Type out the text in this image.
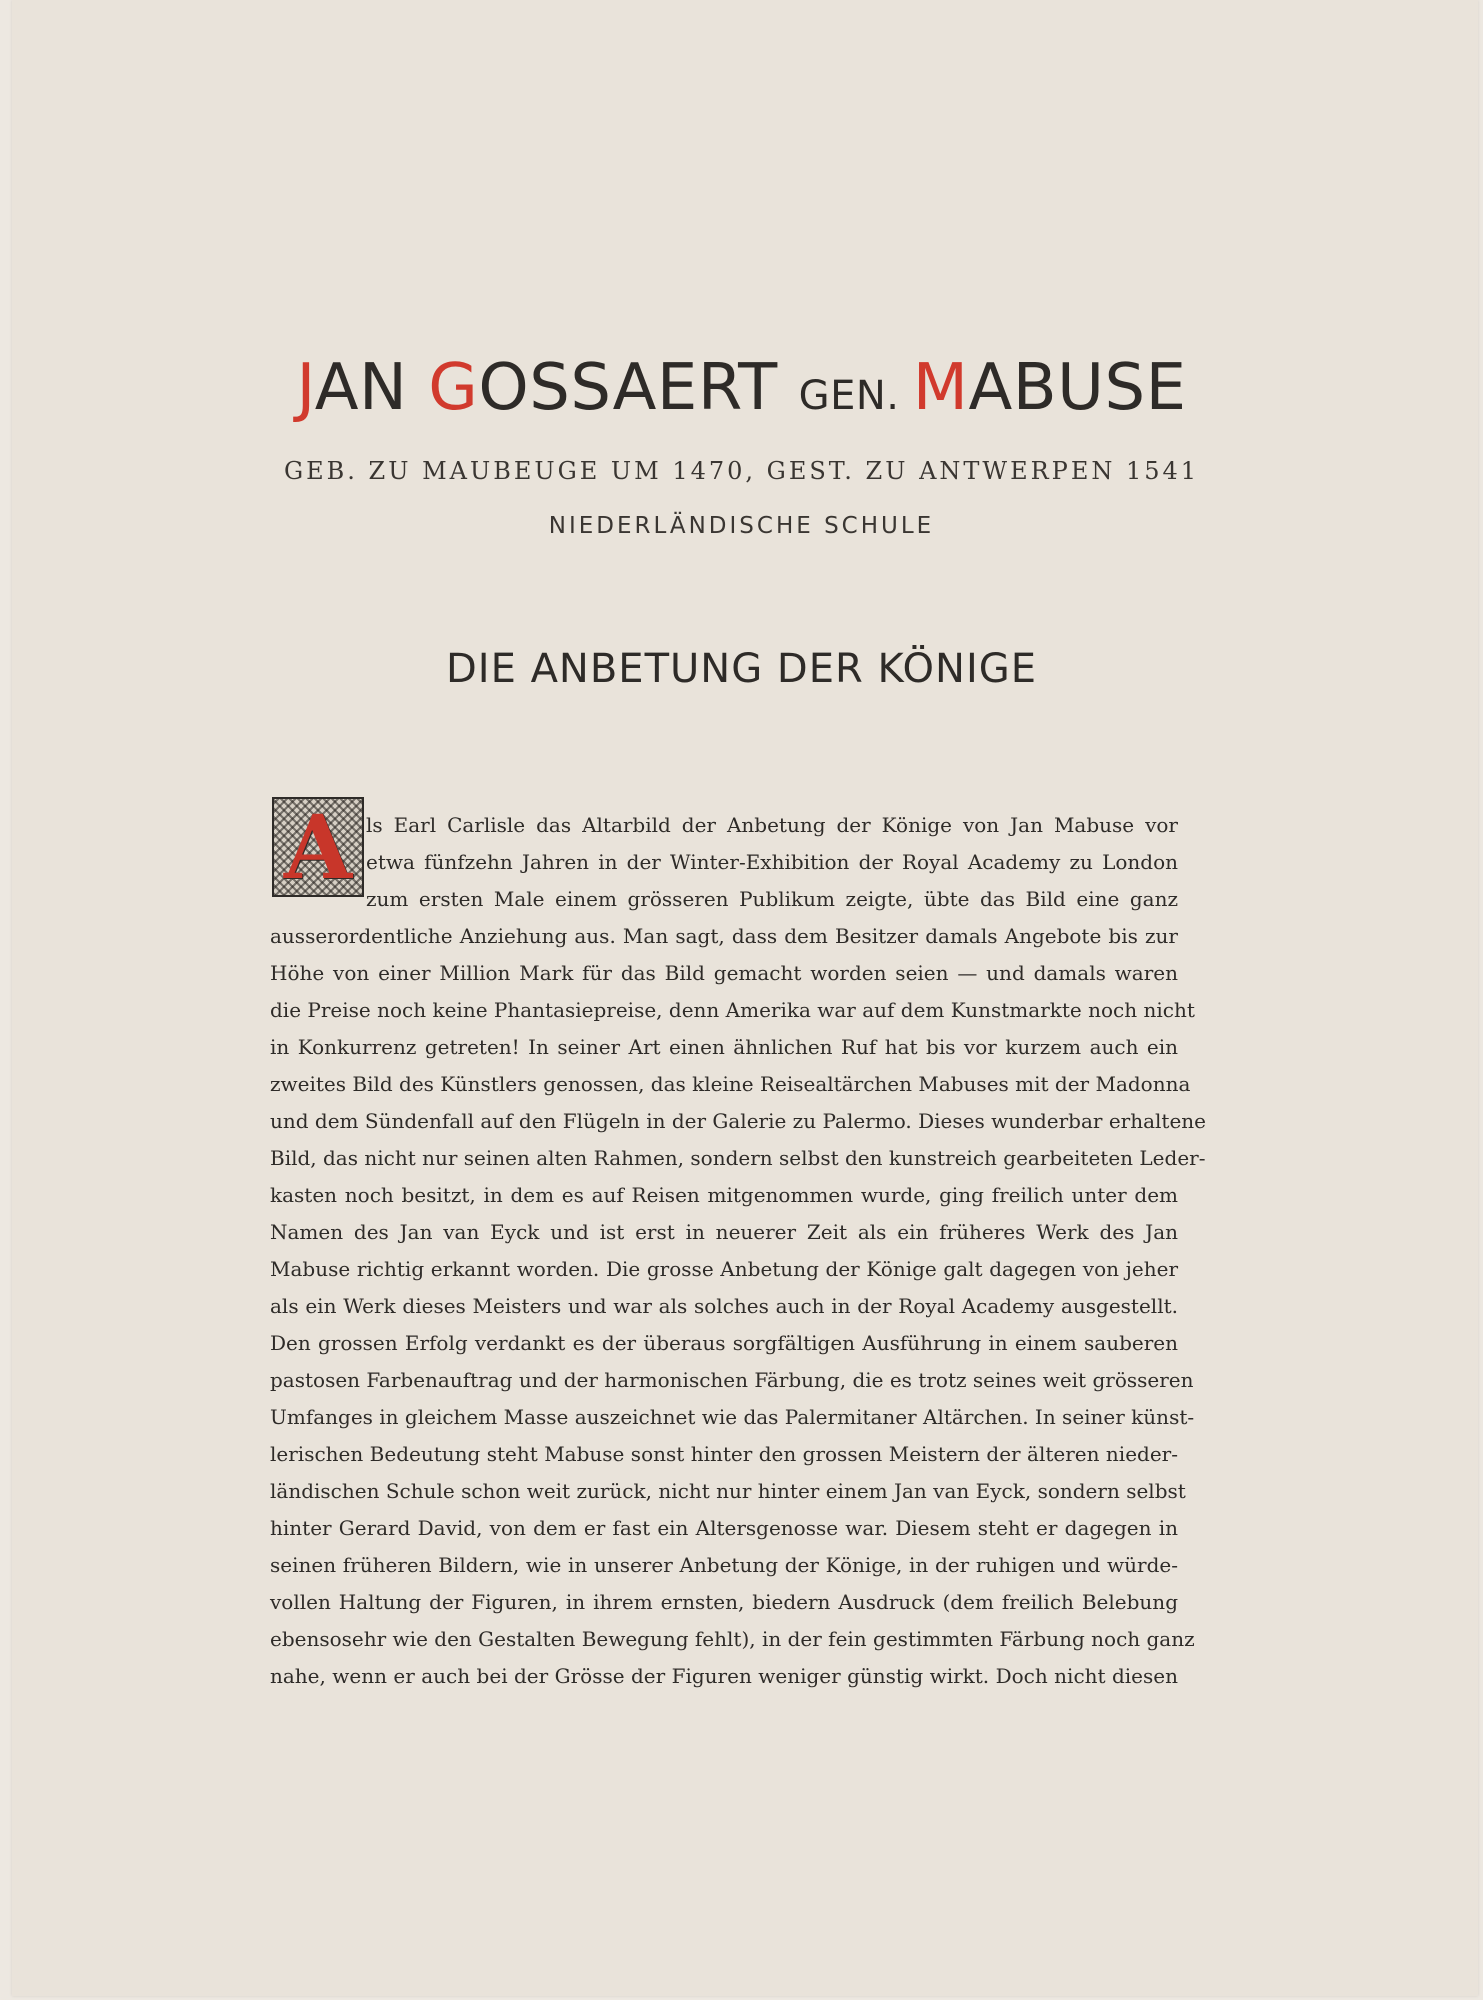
JAN GOSSAERT GEN. MABUSE
GEB. ZU MAUBEUGE UM 1470, GEST. ZU ANTWERPEN 1541
NIEDERLÄNDISCHE SCHULE
DIE ANBETUNG DER KÖNIGE
A ls Earl Carlisle das Altarbild der Anbetung der Könige von Jan Mabuse vor
etwa fünfzehn Jahren in der Winter-Exhibition der Royal Academy zu London
zum ersten Male einem grösseren Publikum zeigte, übte das Bild eine ganz
ausserordentliche Anziehung aus. Man sagt, dass dem Besitzer damals Angebote bis zur
Höhe von einer Million Mark für das Bild gemacht worden seien — und damals waren
die Preise noch keine Phantasiepreise, denn Amerika war auf dem Kunstmarkte noch nicht
in Konkurrenz getreten! In seiner Art einen ähnlichen Ruf hat bis vor kurzem auch ein
zweites Bild des Künstlers genossen, das kleine Reisealtärchen Mabuses mit der Madonna
und dem Sündenfall auf den Flügeln in der Galerie zu Palermo. Dieses wunderbar erhaltene
Bild, das nicht nur seinen alten Rahmen, sondern selbst den kunstreich gearbeiteten Leder-
kasten noch besitzt, in dem es auf Reisen mitgenommen wurde, ging freilich unter dem
Namen des Jan van Eyck und ist erst in neuerer Zeit als ein früheres Werk des Jan
Mabuse richtig erkannt worden. Die grosse Anbetung der Könige galt dagegen von jeher
als ein Werk dieses Meisters und war als solches auch in der Royal Academy ausgestellt.
Den grossen Erfolg verdankt es der überaus sorgfältigen Ausführung in einem sauberen
pastosen Farbenauftrag und der harmonischen Färbung, die es trotz seines weit grösseren
Umfanges in gleichem Masse auszeichnet wie das Palermitaner Altärchen. In seiner künst-
lerischen Bedeutung steht Mabuse sonst hinter den grossen Meistern der älteren nieder-
ländischen Schule schon weit zurück, nicht nur hinter einem Jan van Eyck, sondern selbst
hinter Gerard David, von dem er fast ein Altersgenosse war. Diesem steht er dagegen in
seinen früheren Bildern, wie in unserer Anbetung der Könige, in der ruhigen und würde-
vollen Haltung der Figuren, in ihrem ernsten, biedern Ausdruck (dem freilich Belebung
ebensosehr wie den Gestalten Bewegung fehlt), in der fein gestimmten Färbung noch ganz
nahe, wenn er auch bei der Grösse der Figuren weniger günstig wirkt. Doch nicht diesen
